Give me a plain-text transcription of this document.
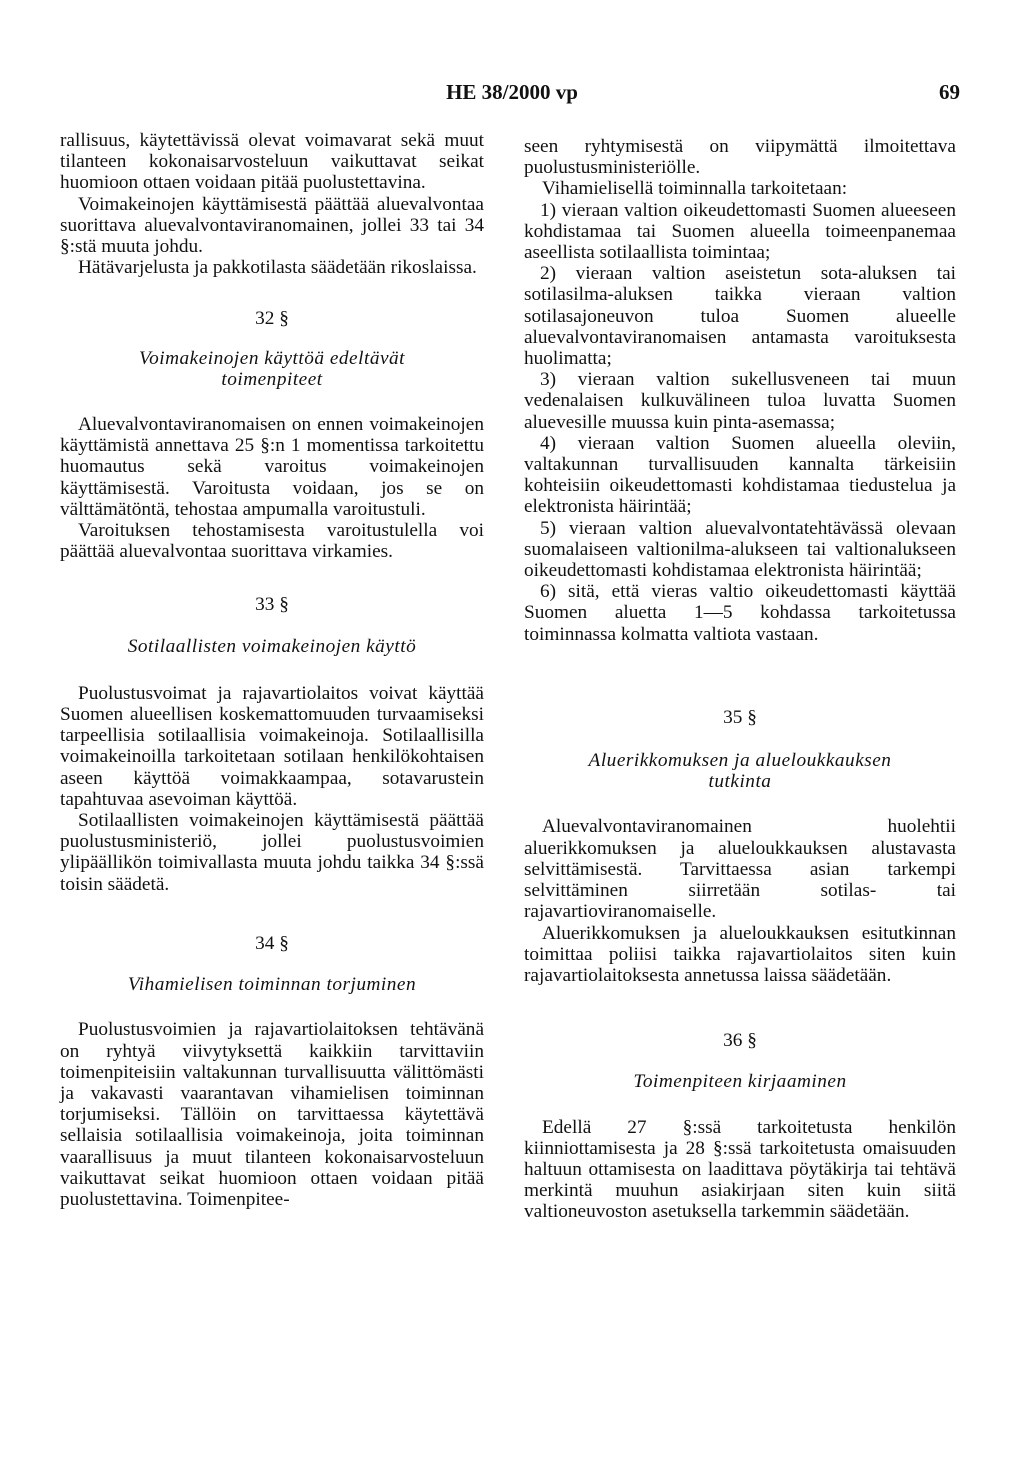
HE 38/2000 vp	69

rallisuus, käytettävissä olevat voimavarat sekä muut tilanteen kokonaisarvosteluun vaikuttavat seikat huomioon ottaen voidaan pitää puolustettavina.

Voimakeinojen käyttämisestä päättää aluevalvontaa suorittava aluevalvontaviranomainen, jollei 33 tai 34 §:stä muuta johdu.

Hätävarjelusta ja pakkotilasta säädetään rikoslaissa.

32 §
Voimakeinojen käyttöä edeltävät toimenpiteet

Aluevalvontaviranomaisen on ennen voimakeinojen käyttämistä annettava 25 §:n 1 momentissa tarkoitettu huomautus sekä varoitus voimakeinojen käyttämisestä. Varoitusta voidaan, jos se on välttämätöntä, tehostaa ampumalla varoitustuli.

Varoituksen tehostamisesta varoitustulella voi päättää aluevalvontaa suorittava virkamies.

33 §
Sotilaallisten voimakeinojen käyttö

Puolustusvoimat ja rajavartiolaitos voivat käyttää Suomen alueellisen koskemattomuuden turvaamiseksi tarpeellisia sotilaallisia voimakeinoja. Sotilaallisilla voimakeinoilla tarkoitetaan sotilaan henkilökohtaisen aseen käyttöä voimakkaampaa, sotavarustein tapahtuvaa asevoiman käyttöä.

Sotilaallisten voimakeinojen käyttämisestä päättää puolustusministeriö, jollei puolustusvoimien ylipäällikön toimivallasta muuta johdu taikka 34 §:ssä toisin säädetä.

34 §
Vihamielisen toiminnan torjuminen

Puolustusvoimien ja rajavartiolaitoksen tehtävänä on ryhtyä viivytyksettä kaikkiin tarvittaviin toimenpiteisiin valtakunnan turvallisuutta välittömästi ja vakavasti vaarantavan vihamielisen toiminnan torjumiseksi. Tällöin on tarvittaessa käytettävä sellaisia sotilaallisia voimakeinoja, joita toiminnan vaarallisuus ja muut tilanteen kokonaisarvosteluun vaikuttavat seikat huomioon ottaen voidaan pitää puolustettavina. Toimenpitee-

seen ryhtymisestä on viipymättä ilmoitettava puolustusministeriölle.

Vihamielisellä toiminnalla tarkoitetaan:

1) vieraan valtion oikeudettomasti Suomen alueeseen kohdistamaa tai Suomen alueella toimeenpanemaa aseellista sotilaallista toimintaa;

2) vieraan valtion aseistetun sota-aluksen tai sotilasilma-aluksen taikka vieraan valtion sotilasajoneuvon tuloa Suomen alueelle aluevalvontaviranomaisen antamasta varoituksesta huolimatta;

3) vieraan valtion sukellusveneen tai muun vedenalaisen kulkuvälineen tuloa luvatta Suomen aluevesille muussa kuin pinta-asemassa;

4) vieraan valtion Suomen alueella oleviin, valtakunnan turvallisuuden kannalta tärkeisiin kohteisiin oikeudettomasti kohdistamaa tiedustelua ja elektronista häirintää;

5) vieraan valtion aluevalvontatehtävässä olevaan suomalaiseen valtionilma-alukseen tai valtionalukseen oikeudettomasti kohdistamaa elektronista häirintää;

6) sitä, että vieras valtio oikeudettomasti käyttää Suomen aluetta 1—5 kohdassa tarkoitetussa toiminnassa kolmatta valtiota vastaan.

35 §
Aluerikkomuksen ja alueloukkauksen tutkinta

Aluevalvontaviranomainen huolehtii aluerikkomuksen ja alueloukkauksen alustavasta selvittämisestä. Tarvittaessa asian tarkempi selvittäminen siirretään sotilas- tai rajavartioviranomaiselle.

Aluerikkomuksen ja alueloukkauksen esitutkinnan toimittaa poliisi taikka rajavartiolaitos siten kuin rajavartiolaitoksesta annetussa laissa säädetään.

36 §
Toimenpiteen kirjaaminen

Edellä 27 §:ssä tarkoitetusta henkilön kiinniottamisesta ja 28 §:ssä tarkoitetusta omaisuuden haltuun ottamisesta on laadittava pöytäkirja tai tehtävä merkintä muuhun asiakirjaan siten kuin siitä valtioneuvoston asetuksella tarkemmin säädetään.
